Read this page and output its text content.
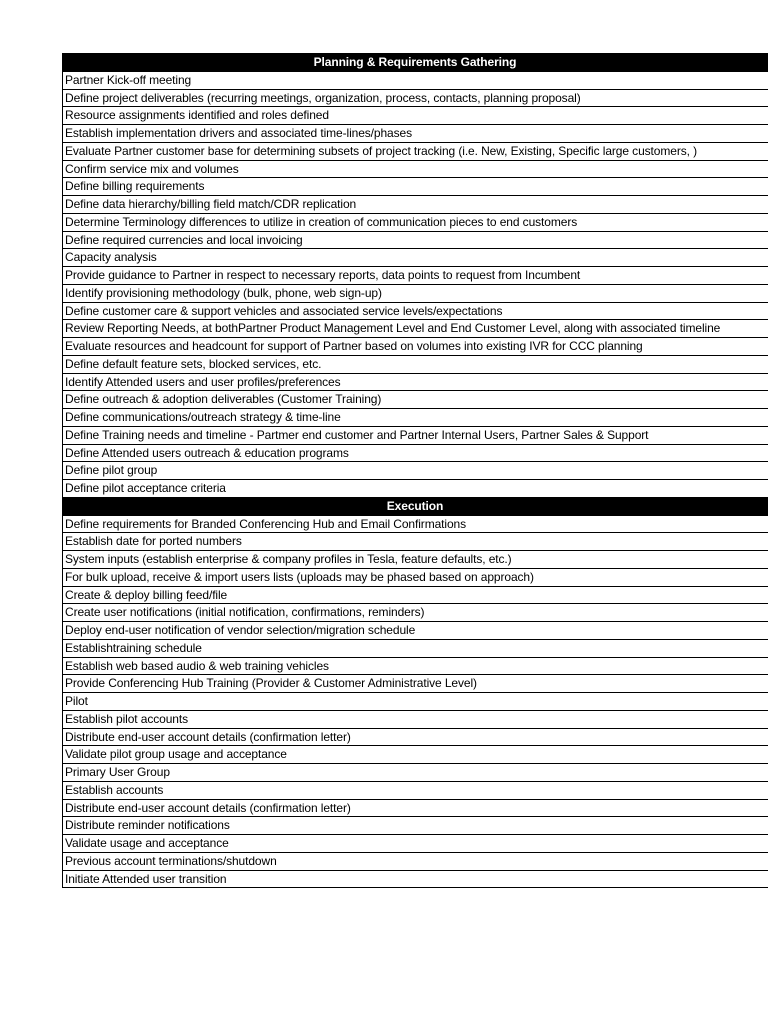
Planning & Requirements Gathering
Partner Kick-off meeting
Define project deliverables (recurring meetings, organization, process, contacts, planning proposal)
Resource assignments identified and roles defined
Establish implementation drivers and associated time-lines/phases
Evaluate Partner customer base for determining subsets of project tracking (i.e. New, Existing, Specific large customers, )
Confirm service mix and volumes
Define billing requirements
Define data hierarchy/billing field match/CDR replication
Determine Terminology differences to utilize in creation of communication pieces to end customers
Define required currencies and local invoicing
Capacity analysis
Provide guidance to Partner in respect to necessary reports, data points to request from Incumbent
Identify provisioning methodology (bulk, phone, web sign-up)
Define customer care & support vehicles and associated service levels/expectations
Review Reporting Needs, at bothPartner Product Management Level and End Customer Level, along with associated timeline
Evaluate resources and headcount for support of Partner based on volumes into existing IVR for CCC planning
Define default feature sets, blocked services, etc.
Identify Attended users and user profiles/preferences
Define outreach & adoption deliverables (Customer Training)
Define communications/outreach strategy & time-line
Define Training needs and timeline - Partmer end customer and Partner Internal Users, Partner Sales & Support
Define Attended users outreach & education programs
Define pilot group
Define pilot acceptance criteria
Execution
Define requirements for Branded Conferencing Hub and Email Confirmations
Establish date for ported numbers
System inputs (establish enterprise & company profiles in Tesla, feature defaults, etc.)
For bulk upload, receive & import users lists (uploads may be phased based on approach)
Create & deploy billing feed/file
Create user notifications (initial notification, confirmations, reminders)
Deploy end-user notification of vendor selection/migration schedule
Establishtraining schedule
Establish web based audio & web training vehicles
Provide Conferencing Hub Training (Provider & Customer Administrative Level)
Pilot
Establish pilot accounts
Distribute end-user account details (confirmation letter)
Validate pilot group usage and acceptance
Primary User Group
Establish accounts
Distribute end-user account details (confirmation letter)
Distribute reminder notifications
Validate usage and acceptance
Previous account terminations/shutdown
Initiate Attended user transition
